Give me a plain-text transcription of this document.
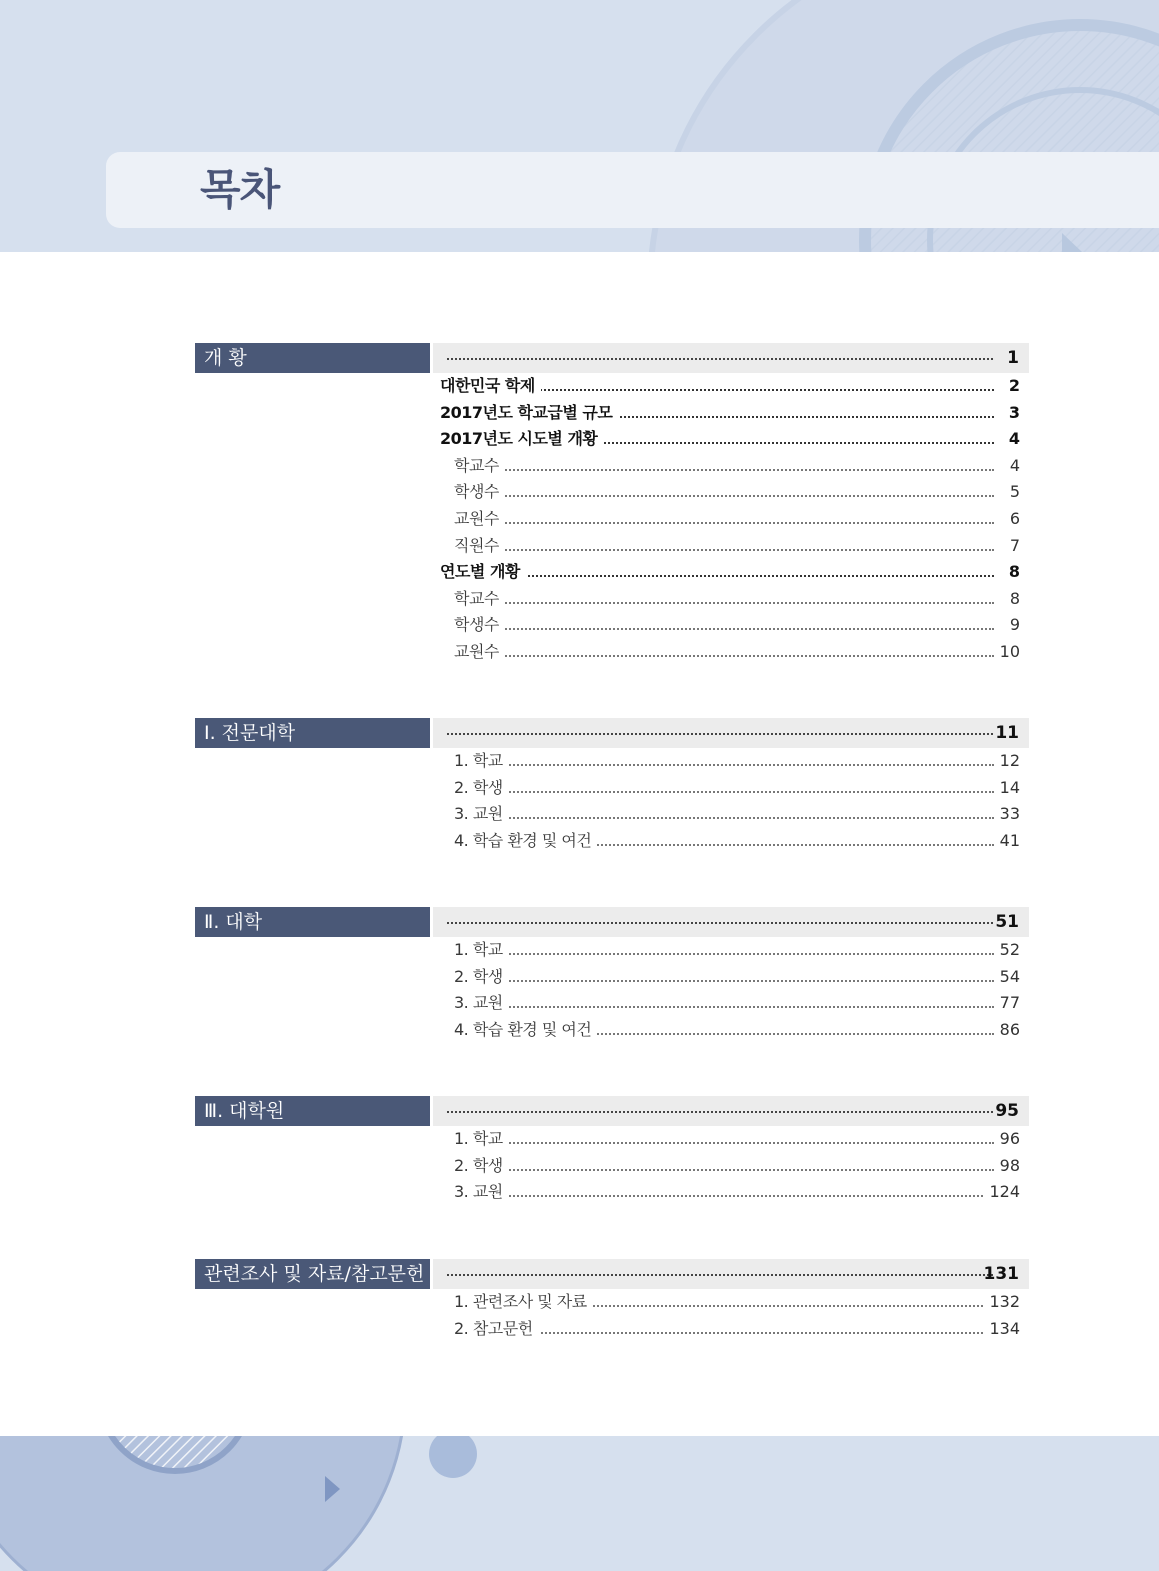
목차
개 황	1
대한민국 학제	2
2017년도 학교급별 규모	3
2017년도 시도별 개황	4
학교수	4
학생수	5
교원수	6
직원수	7
연도별 개황	8
학교수	8
학생수	9
교원수	10
Ⅰ. 전문대학	11
1. 학교	12
2. 학생	14
3. 교원	33
4. 학습 환경 및 여건	41
Ⅱ. 대학	51
1. 학교	52
2. 학생	54
3. 교원	77
4. 학습 환경 및 여건	86
Ⅲ. 대학원	95
1. 학교	96
2. 학생	98
3. 교원	124
관련조사 및 자료/참고문헌	131
1. 관련조사 및 자료	132
2. 참고문헌	134
